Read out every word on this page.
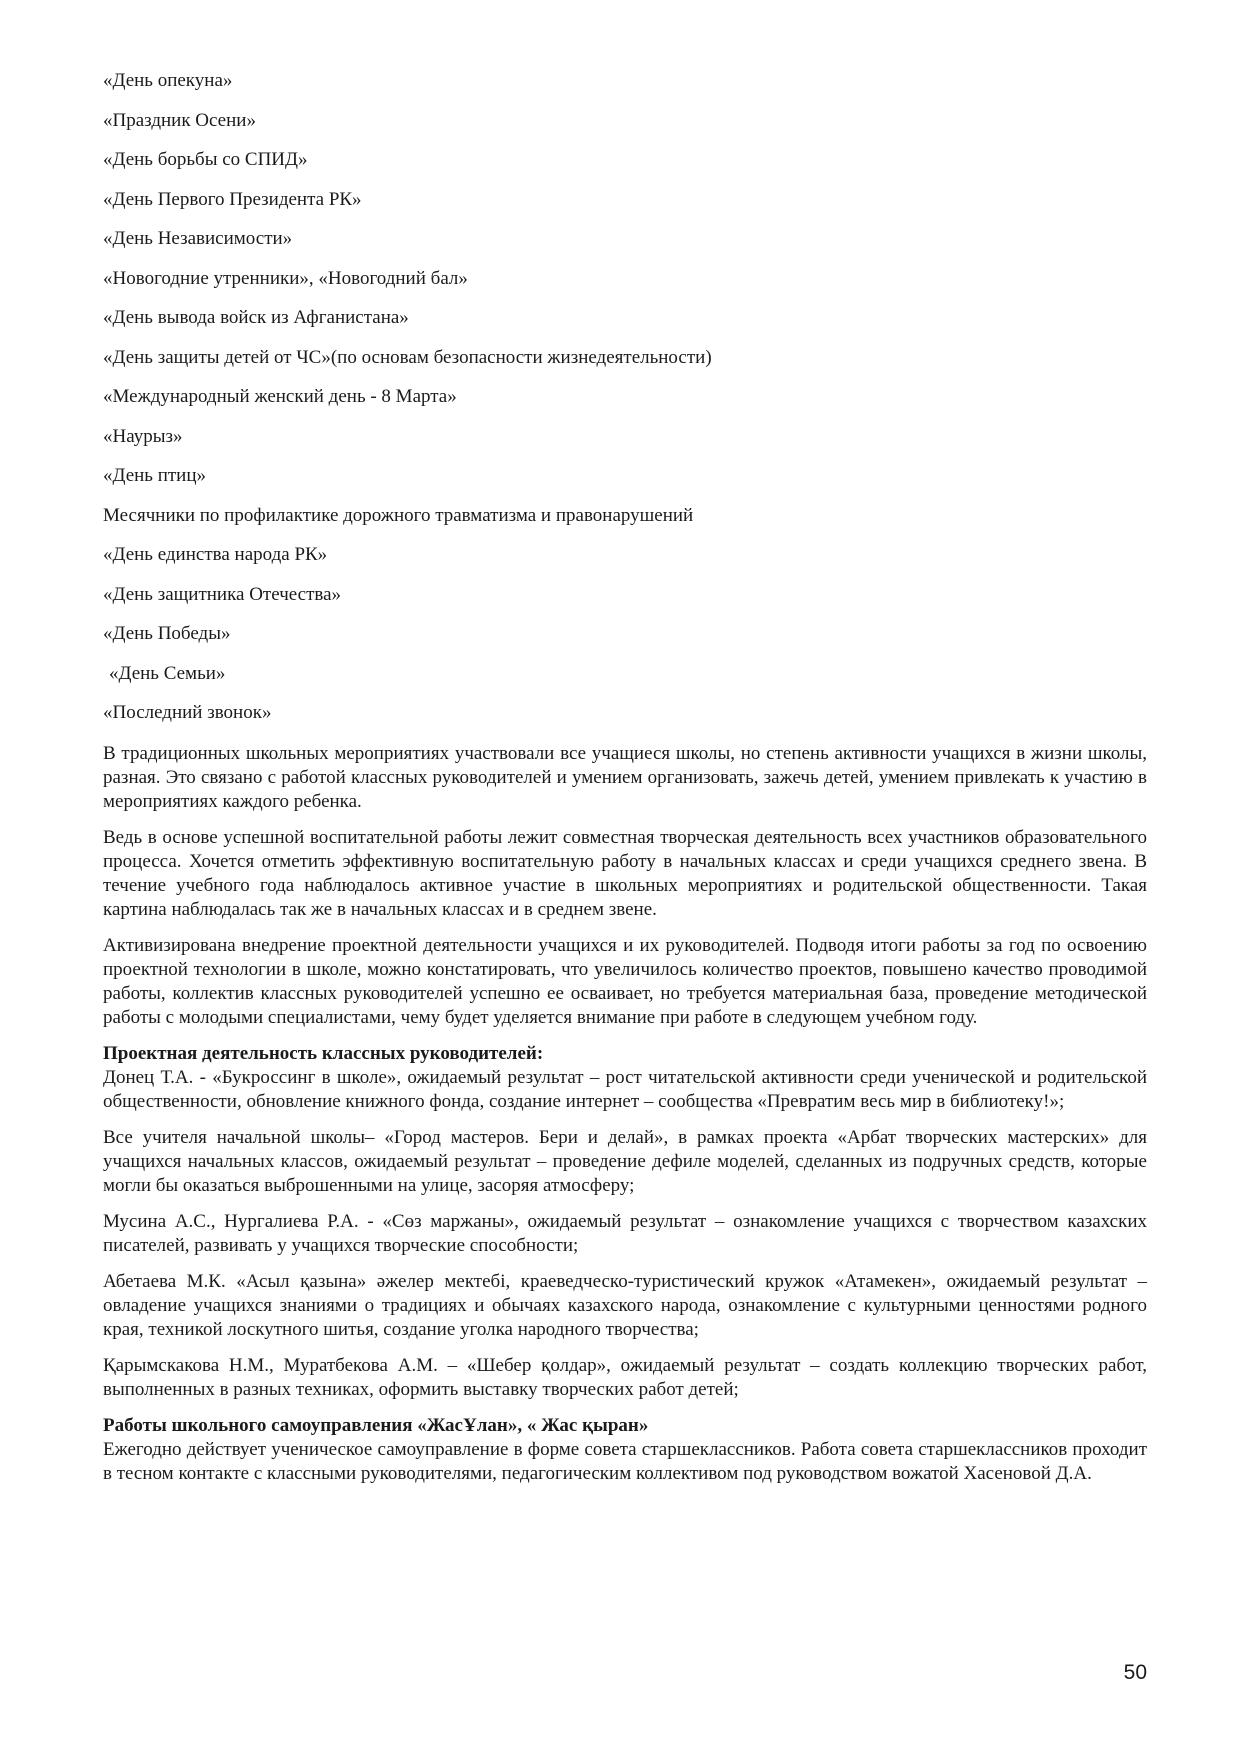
«День опекуна»
«Праздник Осени»
«День борьбы со СПИД»
«День Первого Президента РК»
«День Независимости»
«Новогодние утренники», «Новогодний бал»
«День вывода войск из Афганистана»
«День защиты детей от ЧС»(по основам безопасности жизнедеятельности)
«Международный женский день - 8 Марта»
«Наурыз»
«День птиц»
Месячники по профилактике дорожного травматизма и правонарушений
«День единства народа РК»
«День защитника Отечества»
«День Победы»
«День Семьи»
«Последний звонок»

В традиционных школьных мероприятиях участвовали все учащиеся школы, но степень активности учащихся в жизни школы, разная. Это связано с работой классных руководителей и умением организовать, зажечь детей, умением привлекать к участию в мероприятиях каждого ребенка.

Ведь в основе успешной воспитательной работы лежит совместная творческая деятельность всех участников образовательного процесса. Хочется отметить эффективную воспитательную работу в начальных классах и среди учащихся среднего звена. В течение учебного года наблюдалось активное участие в школьных мероприятиях и родительской общественности. Такая картина наблюдалась так же в начальных классах и в среднем звене.

Активизирована внедрение проектной деятельности учащихся и их руководителей. Подводя итоги работы за год по освоению проектной технологии в школе, можно констатировать, что увеличилось количество проектов, повышено качество проводимой работы, коллектив классных руководителей успешно ее осваивает, но требуется материальная база, проведение методической работы с молодыми специалистами, чему будет уделяется внимание при работе в следующем учебном году.

Проектная деятельность классных руководителей:

Донец Т.А. - «Букроссинг в школе», ожидаемый результат – рост читательской активности среди ученической и родительской общественности, обновление книжного фонда, создание интернет – сообщества «Превратим весь мир в библиотеку!»;

Все учителя начальной школы– «Город мастеров. Бери и делай», в рамках проекта «Арбат творческих мастерских» для учащихся начальных классов, ожидаемый результат – проведение дефиле моделей, сделанных из подручных средств, которые могли бы оказаться выброшенными на улице, засоряя атмосферу;

Мусина А.С., Нургалиева Р.А. - «Сөз маржаны», ожидаемый результат – ознакомление учащихся с творчеством казахских писателей, развивать у учащихся творческие способности;

Абетаева М.К. «Асыл қазына» әжелер мектебі, краеведческо-туристический кружок «Атамекен», ожидаемый результат – овладение учащихся знаниями о традициях и обычаях казахского народа, ознакомление с культурными ценностями родного края, техникой лоскутного шитья, создание уголка народного творчества;

Қарымскакова Н.М., Муратбекова А.М. – «Шебер қолдар», ожидаемый результат – создать коллекцию творческих работ, выполненных в разных техниках, оформить выставку творческих работ детей;

Работы школьного самоуправления «ЖасҰлан», « Жас қыран»

Ежегодно действует ученическое самоуправление в форме совета старшеклассников. Работа совета старшеклассников проходит в тесном контакте с классными руководителями, педагогическим коллективом под руководством вожатой Хасеновой Д.А.

50
